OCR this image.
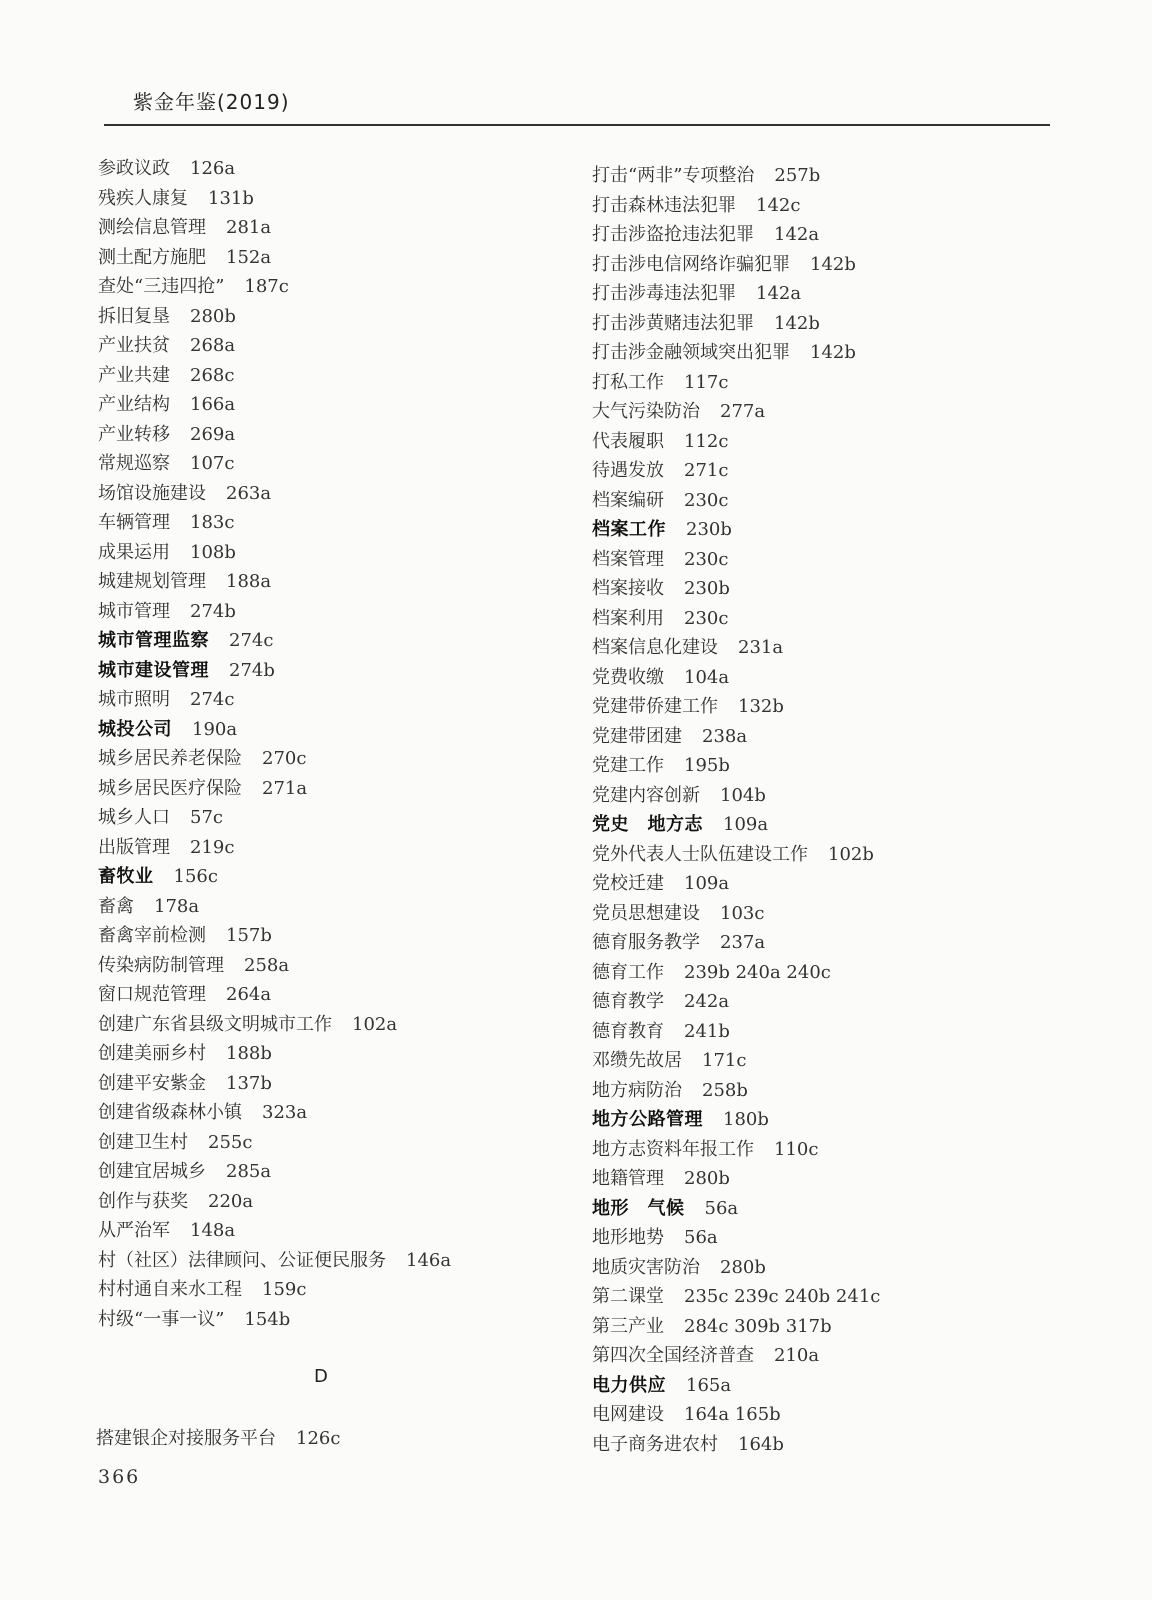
紫金年鉴(2019)
参政议政 126a
残疾人康复 131b
测绘信息管理 281a
测土配方施肥 152a
查处“三违四抢” 187c
拆旧复垦 280b
产业扶贫 268a
产业共建 268c
产业结构 166a
产业转移 269a
常规巡察 107c
场馆设施建设 263a
车辆管理 183c
成果运用 108b
城建规划管理 188a
城市管理 274b
城市管理监察 274c
城市建设管理 274b
城市照明 274c
城投公司 190a
城乡居民养老保险 270c
城乡居民医疗保险 271a
城乡人口 57c
出版管理 219c
畜牧业 156c
畜禽 178a
畜禽宰前检测 157b
传染病防制管理 258a
窗口规范管理 264a
创建广东省县级文明城市工作 102a
创建美丽乡村 188b
创建平安紫金 137b
创建省级森林小镇 323a
创建卫生村 255c
创建宜居城乡 285a
创作与获奖 220a
从严治军 148a
村（社区）法律顾问、公证便民服务 146a
村村通自来水工程 159c
村级“一事一议” 154b
打击“两非”专项整治 257b
打击森林违法犯罪 142c
打击涉盗抢违法犯罪 142a
打击涉电信网络诈骗犯罪 142b
打击涉毒违法犯罪 142a
打击涉黄赌违法犯罪 142b
打击涉金融领域突出犯罪 142b
打私工作 117c
大气污染防治 277a
代表履职 112c
待遇发放 271c
档案编研 230c
档案工作 230b
档案管理 230c
档案接收 230b
档案利用 230c
档案信息化建设 231a
党费收缴 104a
党建带侨建工作 132b
党建带团建 238a
党建工作 195b
党建内容创新 104b
党史　地方志 109a
党外代表人士队伍建设工作 102b
党校迁建 109a
党员思想建设 103c
德育服务教学 237a
德育工作 239b 240a 240c
德育教学 242a
德育教育 241b
邓缵先故居 171c
地方病防治 258b
地方公路管理 180b
地方志资料年报工作 110c
地籍管理 280b
地形　气候 56a
地形地势 56a
地质灾害防治 280b
第二课堂 235c 239c 240b 241c
第三产业 284c 309b 317b
第四次全国经济普查 210a
电力供应 165a
电网建设 164a 165b
电子商务进农村 164b
D
搭建银企对接服务平台 126c
366
